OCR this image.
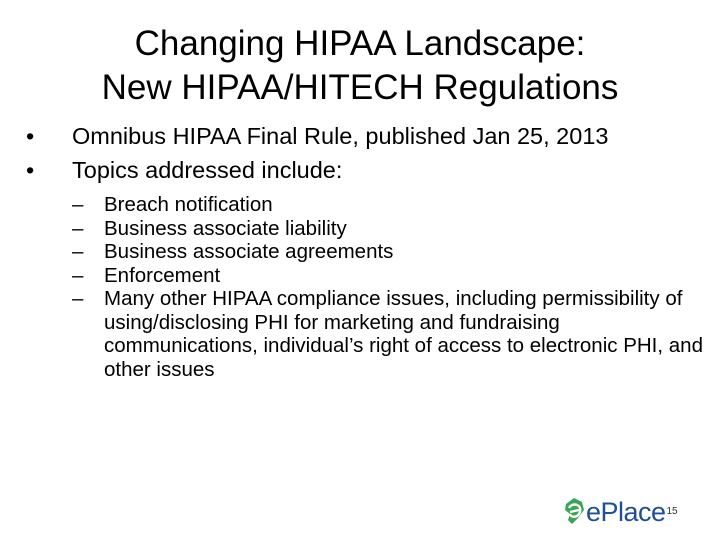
Changing HIPAA Landscape:
New HIPAA/HITECH Regulations
•	Omnibus HIPAA Final Rule, published Jan 25, 2013
•	Topics addressed include:
–	Breach notification
–	Business associate liability
–	Business associate agreements
–	Enforcement
–	Many other HIPAA compliance issues, including permissibility of using/disclosing PHI for marketing and fundraising communications, individual’s right of access to electronic PHI, and other issues
ePlace 15
